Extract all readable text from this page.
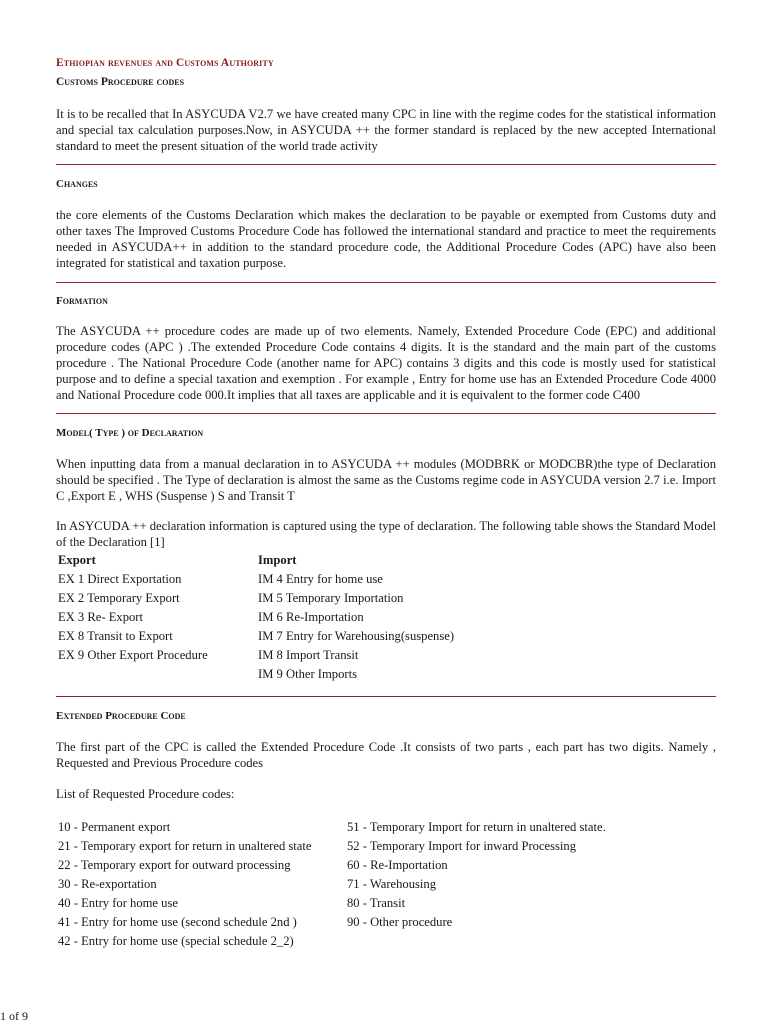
Ethiopian revenues and Customs Authority
Customs Procedure codes
It is to be recalled that In ASYCUDA V2.7 we have created many CPC in line with the regime codes for the statistical information and special tax calculation purposes.Now, in ASYCUDA ++ the former standard is replaced by the new accepted International standard to meet the present situation of the world trade activity
Changes
the core elements of the Customs Declaration which makes the declaration to be payable or exempted from Customs duty and other taxes The Improved Customs Procedure Code has followed the international standard and practice to meet the requirements needed in ASYCUDA++ in addition to the standard procedure code, the Additional Procedure Codes (APC) have also been integrated for statistical and taxation purpose.
Formation
The ASYCUDA ++ procedure codes are made up of two elements. Namely, Extended Procedure Code (EPC) and additional procedure codes (APC ) .The extended Procedure Code contains 4 digits. It is the standard and the main part of the customs procedure . The National Procedure Code (another name for APC) contains 3 digits and this code is mostly used for statistical purpose and to define a special taxation and exemption . For example , Entry for home use has an Extended Procedure Code 4000 and National Procedure code 000.It implies that all taxes are applicable and it is equivalent to the former code C400
Model( Type ) of Declaration
When inputting data from a manual declaration in to ASYCUDA ++ modules (MODBRK or MODCBR)the type of Declaration should be specified . The Type of declaration is almost the same as the Customs regime code in ASYCUDA version 2.7 i.e. Import C ,Export E , WHS (Suspense ) S and Transit T
In ASYCUDA ++ declaration information is captured using the type of declaration. The following table shows the Standard Model of the Declaration [1]
Export
EX 1 Direct Exportation
EX 2 Temporary Export
EX 3 Re- Export
EX 8 Transit to Export
EX 9 Other Export Procedure
Import
IM 4 Entry for home use
IM 5 Temporary Importation
IM 6 Re-Importation
IM 7 Entry for Warehousing(suspense)
IM 8 Import Transit
IM 9 Other Imports
Extended Procedure Code
The first part of the CPC is called the Extended Procedure Code .It consists of two parts , each part has two digits. Namely , Requested and Previous Procedure codes
List of Requested Procedure codes:
10 - Permanent export
21 - Temporary export for return in unaltered state
22 - Temporary export for outward processing
30 - Re-exportation
40 - Entry for home use
41 - Entry for home use (second schedule 2nd )
42 - Entry for home use (special schedule 2_2)
51 - Temporary Import for return in unaltered state.
52 - Temporary Import for inward Processing
60 - Re-Importation
71 - Warehousing
80 - Transit
90 - Other procedure
1 of 9
